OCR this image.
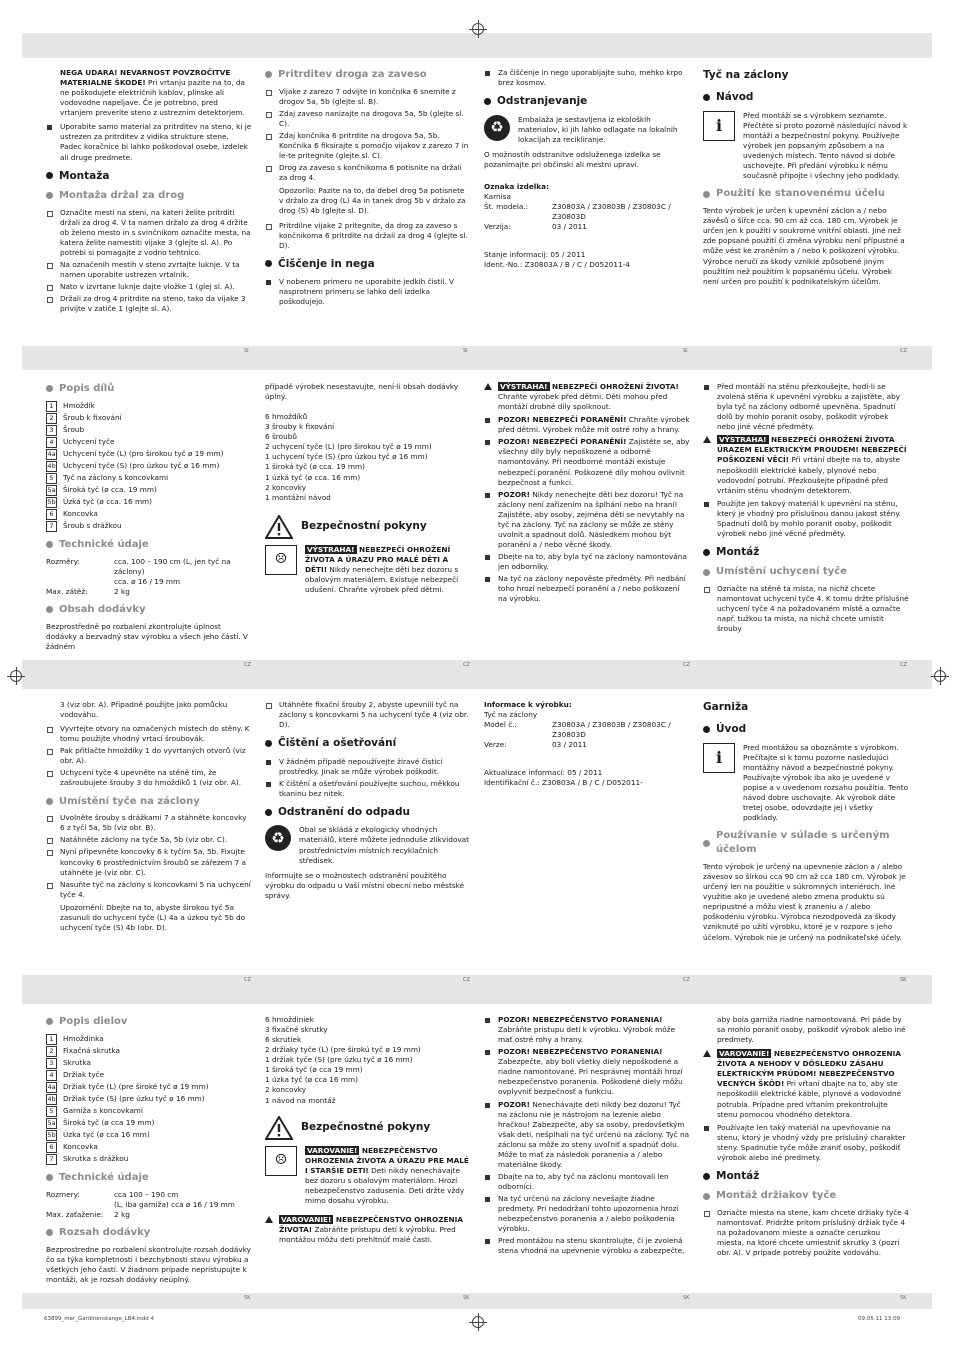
SI	SI	SI	CZ
CZ	CZ	CZ	CZ
CZ	CZ	CZ	SK
SK	SK	SK	SK

NEGA UDARA! NEVARNOST POVZROČITVE MATERIALNE ŠKODE! Pri vrtanju pazite na to, da ne poškodujete električnih kablov, plinske ali vodovodne napeljave. Če je potrebno, pred vrtanjem preverite steno z ustreznim detektorjem.

Uporabite samo material za pritrditev na steno, ki je ustrezen za pritrditev z vidika strukture stene. Padec koračnice bi lahko poškodoval osebe, izdelek ali druge predmete.
Montaža
Montaža držal za drog
Označite mesti na steni, na kateri želite pritrditi držali za drog 4. V ta namen držalo za drog 4 držite ob želeno mesto in s svinčnikom označite mesta, na katera želite namestiti vijake 3 (glejte sl. A). Po potrebi si pomagajte z vodno tehtnico.
Na označenih mestih v steno zvrtajte luknje. V ta namen uporabite ustrezen vrtalnik.
Nato v izvrtane luknje dajte vložke 1 (glej sl. A).
Držali za drog 4 pritrdite na steno, tako da vijake 3 privijte v zatiče 1 (glejte sl. A).
Pritrditev droga za zaveso
Vijake z zarezo 7 odvijte in končnika 6 snemite z drogov 5a, 5b (glejte sl. B).
Zdaj zaveso nanizajte na drogova 5a, 5b (glejte sl. C).
Zdaj končnika 6 pritrdite na drogova 5a, 5b. Končnika 6 fiksirajte s pomočjo vijakov z zarezo 7 in le-te pritegnite (glejte sl. C).
Drog za zaveso s končnikoma 6 potisnite na držali za drog 4.

Opozorilo: Pazite na to, da debel drog 5a potisnete v držalo za drog (L) 4a in tanek drog 5b v držalo za drog (S) 4b (glejte sl. D).

Pritrdilne vijake 2 pritegnite, da drog za zaveso s končnikoma 6 pritrdite na držali za drog 4 (glejte sl. D).
Čiščenje in nega
V nobenem primeru ne uporabite jedkih čistil. V nasprotnem primeru se lahko deli izdelka poškodujejo.
Za čiščenje in nego uporabljajte suho, mehko krpo brez kosmov.
Odstranjevanje
♻	Embalaža je sestavljena iz ekoloških materialov, ki jih lahko odlagate na lokalnih lokacijah za recikliranje.

O možnostih odstranitve odsluženega izdelka se pozanimajte pri občinski ali mestni upravi.

Oznaka izdelka:

Karnisa

Št. modela.:	Z30803A / Z30803B / Z30803C / Z30803D
Verzija:	03 / 2011

Stanje informacij: 05 / 2011

Ident.-No.: Z30803A / B / C / D052011-4

Tyč na záclony
Návod
i
Před montáží se s výrobkem seznamte. Přečtěte si proto pozorně následující návod k montáži a bezpečnostní pokyny. Používejte výrobek jen popsaným způsobem a na uvedených místech. Tento návod si dobře uschovejte. Při předání výrobku k němu současně připojte i všechny jeho podklady.
Použití ke stanovenému účelu

Tento výrobek je určen k upevnění záclon a / nebo závěsů o šířce cca. 90 cm až cca. 180 cm. Výrobek je určen jen k použití v soukromé vnitřní oblasti. Jiné než zde popsané použití či změna výrobku není přípustné a může vést ke zraněním a / nebo k poškození výrobku. Výrobce neručí za škody vzniklé způsobené jiným použitím než použitím k popsanému účelu. Výrobek není určen pro použití k podnikatelským účelům.

Popis dílů
1	Hmoždík
2	Šroub k fixování
3	Šroub
4	Uchycení tyče
4a Uchycení tyče (L) (pro širokou tyč ø 19 mm)
4b Uchycení tyče (S) (pro úzkou tyč ø 16 mm)
5	Tyč na záclony s koncovkami
5a Široká tyč (ø cca. 19 mm)
5b Úzká tyč (ø cca. 16 mm)
6	Koncovka
7	Šroub s drážkou
Technické údaje
Rozměry:	cca. 100 – 190 cm (L, jen tyč na záclony)
cca. ø 16 / 19 mm
Max. zátěž:	2 kg
Obsah dodávky

Bezprostředně po rozbalení zkontrolujte úplnost dodávky a bezvadný stav výrobku a všech jeho částí. V žádném

případě výrobek nesestavujte, není-li obsah dodávky úplný.

6 hmoždíků
3 šrouby k fixování
6 šroubů
2 uchycení tyče (L) (pro širokou tyč ø 19 mm)
1 uchycení tyče (S) (pro úzkou tyč ø 16 mm)
1 široká tyč (ø cca. 19 mm)
1 úzká tyč (ø cca. 16 mm)
2 koncovky
1 montážní návod
Bezpečnostní pokyny
☹

VÝSTRAHA! NEBEZPEČÍ OHROŽENÍ ŽIVOTA A ÚRAZU PRO MALÉ DĚTI A DĚTI! Nikdy nenechejte děti bez dozoru s obalovým materiálem. Existuje nebezpečí udušení. Chraňte výrobek před dětmi.

VÝSTRAHA! NEBEZPEČÍ OHROŽENÍ ŽIVOTA! Chraňte výrobek před dětmi. Děti mohou před montáží drobné díly spolknout.
POZOR! NEBEZPEČÍ PORANĚNÍ! Chraňte výrobek před dětmi. Výrobek může mít ostré rohy a hrany.
POZOR! NEBEZPEČÍ PORANĚNÍ! Zajistěte se, aby všechny díly byly nepoškozené a odborně namontovány. Při neodborné montáži existuje nebezpečí poranění. Poškozené díly mohou ovlivnit bezpečnost a funkci.
POZOR! Nikdy nenechejte děti bez dozoru! Tyč na záclony není zařízením na šplhání nebo na hraní! Zajistěte, aby osoby, zejména děti se nevytahly na tyč na záclony. Tyč na záclony se může ze stěny uvolnit a spadnout dolů. Následkem mohou být poranění a / nebo věcné škody.
Dbejte na to, aby byla tyč na záclony namontována jen odborníky.
Na tyč na záclony nepověste předměty. Při nedbání toho hrozí nebezpečí poranění a / nebo poškození na výrobku.
Před montáží na stěnu přezkoušejte, hodí-li se zvolená stěna k upevnění výrobku a zajistěte, aby byla tyč na záclony odborně upevněna. Spadnutí dolů by mohlo poranit osoby, poškodit výrobek nebo jiné věcné předměty.
VÝSTRAHA! NEBEZPEČÍ OHROŽENÍ ŽIVOTA ÚRAZEM ELEKTRICKÝM PROUDEM! NEBEZPEČÍ POŠKOZENÍ VĚCÍ! Při vrtání dbejte na to, abyste nepoškodili elektrické kabely, plynové nebo vodovodní potrubí. Přezkoušejte případně před vrtáním stěnu vhodným detektorem.
Použijte jen takový materiál k upevnění na stěnu, který je vhodný pro příslušnou danou jakost stěny. Spadnutí dolů by mohlo poranit osoby, poškodit výrobek nebo jiné věcné předměty.
Montáž
Umístění uchycení tyče
Označte na stěně ta místa, na nichž chcete namontovat uchycení tyče 4. K tomu držte příslušné uchycení tyče 4 na požadovaném místě a označte např. tužkou ta místa, na nichž chcete umístit šrouby

3 (viz obr. A). Případně použijte jako pomůcku vodováhu.

Vyvrtejte otvory na označených místech do stěny. K tomu použijte vhodný vrtací šroubovák.
Pak přitlačte hmoždíky 1 do vyvrtaných otvorů (viz obr. A).
Uchycení tyče 4 upevněte na stěně tím, že zašroubujete šrouby 3 do hmoždíků 1 (viz obr. A).
Umístění tyče na záclony
Uvolněte šrouby s drážkami 7 a stáhněte koncovky 6 z tyčí 5a, 5b (viz obr. B).
Natáhněte záclony na tyče 5a, 5b (viz obr. C).
Nyní připevněte koncovky 6 k tyčím 5a, 5b. Fixujte koncovky 6 prostřednictvím šroubů se zářezem 7 a utáhněte je (viz obr. C).
Nasuňte tyč na záclony s koncovkami 5 na uchycení tyče 4.

Upozornění: Dbejte na to, abyste širokou tyč 5a zasunuli do uchycení tyče (L) 4a a úzkou tyč 5b do uchycení tyče (S) 4b (obr. D).

Utáhněte fixační šrouby 2, abyste upevnili tyč na záclony s koncovkami 5 na uchycení tyče 4 (viz obr. D).
Čištění a ošetřování
V žádném případě nepoužívejte žíravé čisticí prostředky. Jinak se může výrobek poškodit.
K čištění a ošetřování používejte suchou, měkkou tkaninu bez nitek.
Odstranění do odpadu
♻	Obal se skládá z ekologicky vhodných materiálů, které můžete jednoduše zlikvidovat prostřednictvím místních recyklačních středisek.

Informujte se o možnostech odstranění použitého výrobku do odpadu u Vaší místní obecní nebo městské správy.

Informace k výrobku:

Tyč na záclony

Model č.:	Z30803A / Z30803B / Z30803C / Z30803D
Verze:	03 / 2011

Aktualizace informací: 05 / 2011

Identifikační č.: Z30803A / B / C / D052011-

Garniža
Úvod
i
Pred montážou sa oboznámte s výrobkom. Prečítajte si k tomu pozorne nasledujúci montážny návod a bezpečnostné pokyny. Používajte výrobok iba ako je uvedené v popise a v uvedenom rozsahu použitia. Tento návod dobre uschovajte. Ak výrobok dáte tretej osobe, odovzdajte jej i všetky podklady.
Používanie v súlade s určeným účelom

Tento výrobok je určený na upevnenie záclon a / alebo závesov so šírkou cca 90 cm až cca 180 cm. Výrobok je určený len na použitie v súkromných interiéroch. Iné využitie ako je uvedené alebo zmena produktu sú nepripustné a môžu viesť k zraneniu a / alebo poškodeniu výrobku. Výrobca nezodpovedá za škody vzniknuté po užití výrobku, ktoré je v rozpore s jeho účelom. Výrobok nie je určený na podnikateľské účely.

Popis dielov
1	Hmoždinka
2	Fixačná skrutka
3	Skrutka
4	Držiak tyče
4a Držiak tyče (L) (pre široké tyč ø 19 mm)
4b Držiak tyče (S) (pre úzku tyč ø 16 mm)
5	Garniža s koncovkami
5a Široká tyč (ø cca 19 mm)
5b Úzka tyč (ø cca 16 mm)
6	Koncovka
7	Skrutka s drážkou
Technické údaje
Rozmery:	cca 100 – 190 cm
(L, iba garniža) cca ø 16 / 19 mm
Max. zaťaženie:	2 kg
Rozsah dodávky

Bezprostredne po rozbalení skontrolujte rozsah dodávky čo sa týka kompletnosti i bezchybnosti stavu výrobku a všetkých jeho častí. V žiadnom prípade nepristupujte k montáži, ak je rozsah dodávky neúplný.

6 hmoždiniek
3 fixačné skrutky
6 skrutiek
2 držiaky tyče (L) (pre širokú tyč ø 19 mm)
1 držiak tyče (S) (pre úzku tyč ø 16 mm)
1 široká tyč (ø cca 19 mm)
1 úzka tyč (ø cca 16 mm)
2 koncovky
1 návod na montáž
Bezpečnostné pokyny
☹

VAROVANIE! NEBEZPEČENSTVO OHROZENIA ŽIVOTA A ÚRAZU PRE MALÉ I STARŠIE DETI! Deti nikdy nenechávajte bez dozoru s obalovým materiálom. Hrozí nebezpečenstvo zadusenia. Deti držte vždy mimo dosahu výrobku.

VAROVANIE! NEBEZPEČENSTVO OHROZENIA ŽIVOTA! Zabráňte prístupu detí k výrobku. Pred montážou môžu deti prehltnúť malé časti.
POZOR! NEBEZPEČENSTVO PORANENIA! Zabráňte prístupu detí k výrobku. Výrobok môže mať ostré rohy a hrany.
POZOR! NEBEZPEČENSTVO PORANENIA! Zabezpečte, aby boli všetky diely nepoškodené a riadne namontované. Pri nesprávnej montáži hrozí nebezpečenstvo poranenia. Poškodené diely môžu ovplyvniť bezpečnosť a funkciu.
POZOR! Nenechávajte deti nikdy bez dozoru! Tyč na záclonu nie je nástrojom na lezenie alebo hračkou! Zabezpečte, aby sa osoby, predovšetkým však deti, nešplhali na tyč určenú na záclony. Tyč na záclonu sa môže zo steny uvoľniť a spadnúť dolu. Môže to mať za následok poranenia a / alebo materiálne škody.
Dbajte na to, aby tyč na záclonu montovali len odborníci.
Na tyč určenú na záclony nevešajte žiadne predmety. Pri nedodržaní tohto upozornenia hrozí nebezpečenstvo poranenia a / alebo poškodenia výrobku.
Pred montážou na stenu skontrolujte, či je zvolená stena vhodná na upevnenie výrobku a zabezpečte,

aby bola garniža riadne namontovaná. Pri páde by sa mohlo poraniť osoby, poškodiť výrobok alebo iné predmety.

VAROVANIE! NEBEZPEČENSTVO OHROZENIA ŽIVOTA A NEHODY V DÔSLEDKU ZÁSAHU ELEKTRICKÝM PRÚDOM! NEBEZPEČENSTVO VECNÝCH ŠKÔD! Pri vŕtaní dbajte na to, aby ste nepoškodili elektrické káble, plynové a vodovodné potrubia. Prípadne pred vŕtaním prekontrolujte stenu pomocou vhodného detektora.
Používajte len taký materiál na upevňovanie na stenu, ktorý je vhodný vždy pre príslušný charakter steny. Spadnutie tyče môže zraniť osoby, poškodiť výrobok alebo iné predmety.
Montáž
Montáž držiakov tyče
Označte miesta na stene, kam chcete držiaky tyče 4 namontovať. Pridržte pritom príslušný držiak tyče 4 na požadovanom mieste a označte ceruzkou miesta, na ktoré chcete umiestniť skrutky 3 (pozri obr. A). V prípade potreby použite vodováhu.
63899_mer_Gardinenstange_LB4.indd 4	09.05.11 13:09
